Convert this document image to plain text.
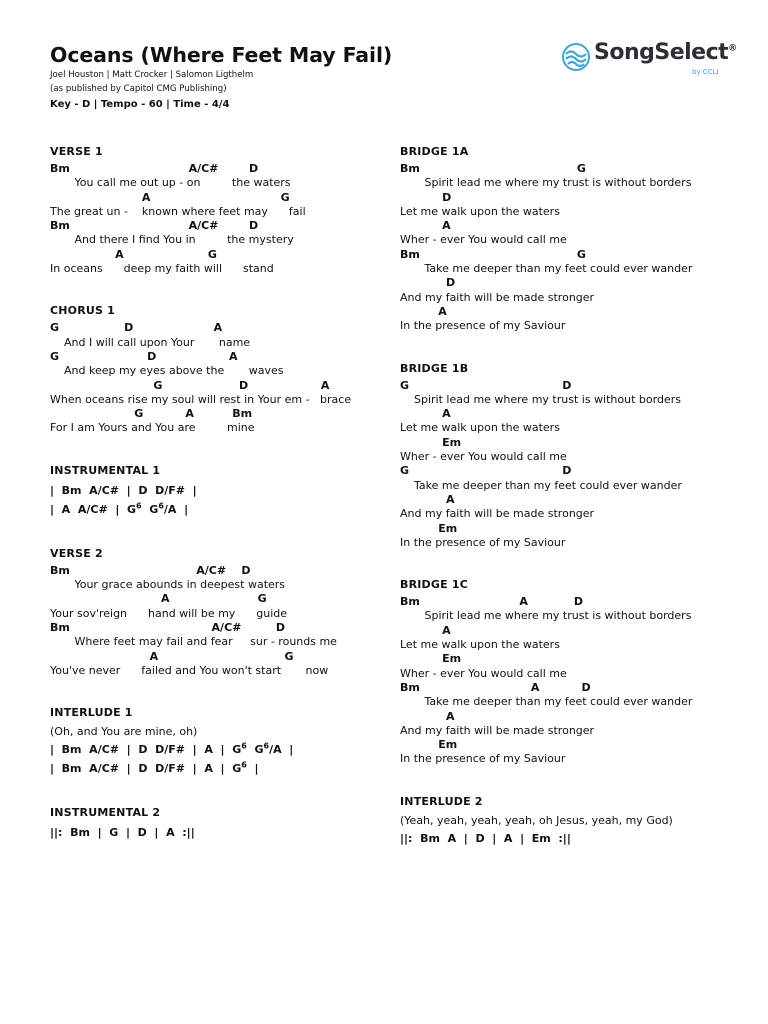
Oceans (Where Feet May Fail)
Joel Houston | Matt Crocker | Salomon Ligthelm
(as published by Capitol CMG Publishing)
Key - D | Tempo - 60 | Time - 4/4
SongSelect®
by CCLI
VERSE 1
Bm                               A/C#        D
You call me out up - on         the waters
A                                  G
The great un -    known where feet may      fail
Bm                               A/C#        D
And there I find You in         the mystery
A                      G
In oceans      deep my faith will      stand
CHORUS 1
G                 D                     A
And I will call upon Your       name
G                       D                   A
And keep my eyes above the       waves
G                    D                   A
When oceans rise my soul will rest in Your em -   brace
G           A          Bm
For I am Yours and You are         mine
INSTRUMENTAL 1
|  Bm  A/C#  |  D  D/F#  |
|  A  A/C#  |  $G^6$  $G^6/A$  |
VERSE 2
Bm                                 A/C#    D
Your grace abounds in deepest waters
A                       G
Your sov'reign      hand will be my      guide
Bm                                     A/C#         D
Where feet may fail and fear     sur - rounds me
A                                 G
You've never      failed and You won't start       now
INTERLUDE 1
(Oh, and You are mine, oh)
|  Bm  A/C#  |  D  D/F#  |  A  |  $G^6$  $G^6/A$  |
|  Bm  A/C#  |  D  D/F#  |  A  |  $G^6$  |
INSTRUMENTAL 2
||:  Bm  |  G  |  D  |  A  :||
BRIDGE 1A
Bm                                         G
Spirit lead me where my trust is without borders
D
Let me walk upon the waters
A
Wher - ever You would call me
Bm                                         G
Take me deeper than my feet could ever wander
D
And my faith will be made stronger
A
In the presence of my Saviour
BRIDGE 1B
G                                        D
Spirit lead me where my trust is without borders
A
Let me walk upon the waters
Em
Wher - ever You would call me
G                                        D
Take me deeper than my feet could ever wander
A
And my faith will be made stronger
Em
In the presence of my Saviour
BRIDGE 1C
Bm                          A            D
Spirit lead me where my trust is without borders
A
Let me walk upon the waters
Em
Wher - ever You would call me
Bm                             A           D
Take me deeper than my feet could ever wander
A
And my faith will be made stronger
Em
In the presence of my Saviour
INTERLUDE 2
(Yeah, yeah, yeah, yeah, oh Jesus, yeah, my God)
||:  Bm  A  |  D  |  A  |  Em  :||
